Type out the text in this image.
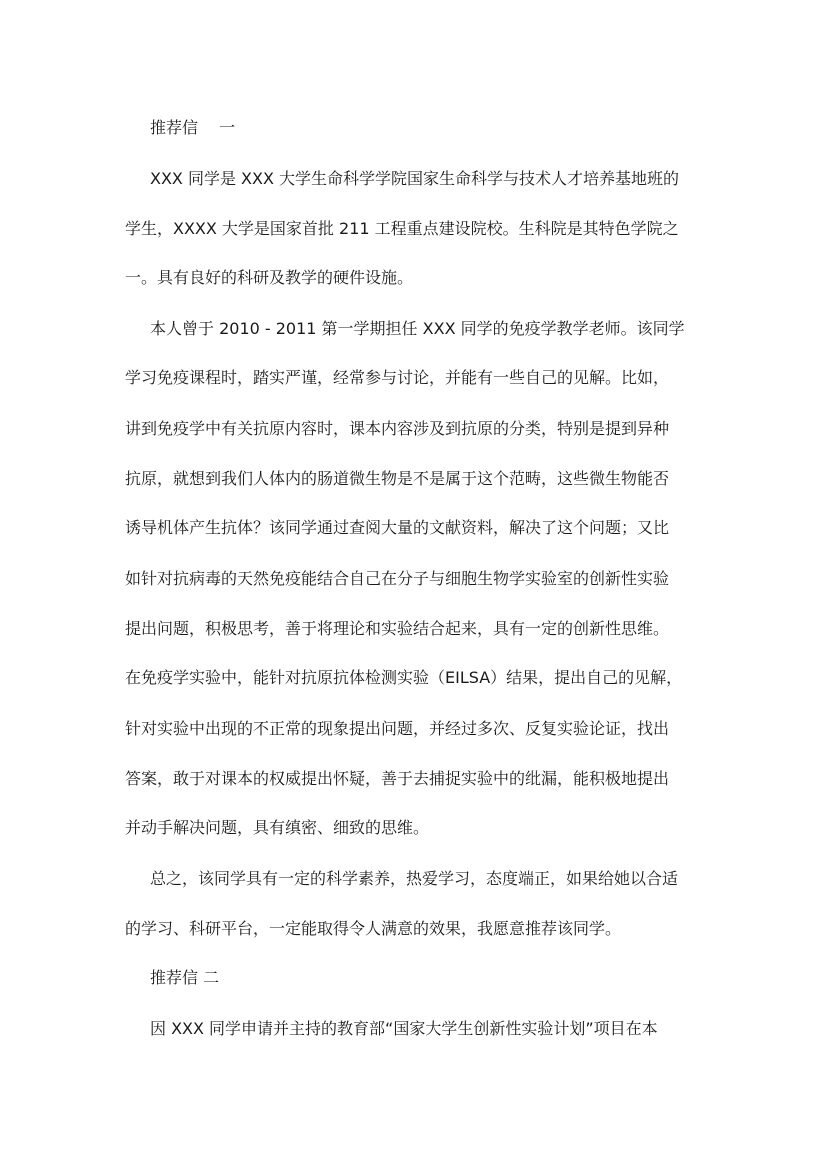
推荐信　 一
XXX 同学是 XXX 大学生命科学学院国家生命科学与技术人才培养基地班的
学生，XXXX 大学是国家首批 211 工程重点建设院校。生科院是其特色学院之
一。具有良好的科研及教学的硬件设施。
本人曾于 2010 - 2011 第一学期担任 XXX 同学的免疫学教学老师。该同学
学习免疫课程时，踏实严谨，经常参与讨论，并能有一些自己的见解。比如，
讲到免疫学中有关抗原内容时，课本内容涉及到抗原的分类，特别是提到异种
抗原，就想到我们人体内的肠道微生物是不是属于这个范畴，这些微生物能否
诱导机体产生抗体？该同学通过查阅大量的文献资料，解决了这个问题；又比
如针对抗病毒的天然免疫能结合自己在分子与细胞生物学实验室的创新性实验
提出问题，积极思考，善于将理论和实验结合起来，具有一定的创新性思维。
在免疫学实验中，能针对抗原抗体检测实验（EILSA）结果，提出自己的见解，
针对实验中出现的不正常的现象提出问题，并经过多次、反复实验论证，找出
答案，敢于对课本的权威提出怀疑，善于去捕捉实验中的纰漏，能积极地提出
并动手解决问题，具有缜密、细致的思维。
总之，该同学具有一定的科学素养，热爱学习，态度端正，如果给她以合适
的学习、科研平台，一定能取得令人满意的效果，我愿意推荐该同学。
推荐信 二
因 XXX 同学申请并主持的教育部“国家大学生创新性实验计划”项目在本
